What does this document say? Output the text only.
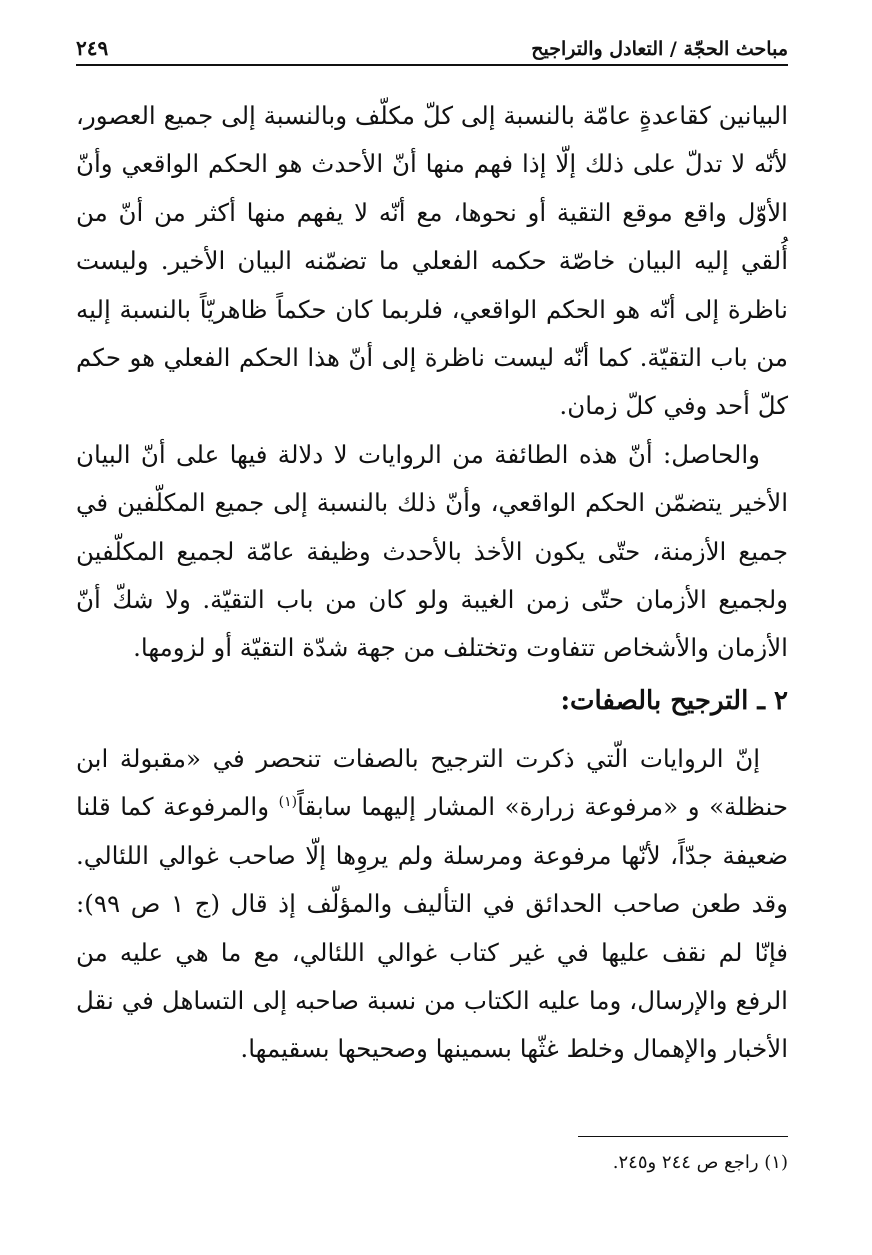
مباحث الحجّة / التعادل والتراجيح
٢٤٩

البيانين كقاعدةٍ عامّة بالنسبة إلى كلّ مكلّف وبالنسبة إلى جميع العصور، لأنّه لا تدلّ على ذلك إلّا إذا فهم منها أنّ الأحدث هو الحكم الواقعي وأنّ الأوّل واقع موقع التقية أو نحوها، مع أنّه لا يفهم منها أكثر من أنّ من أُلقي إليه البيان خاصّة حكمه الفعلي ما تضمّنه البيان الأخير. وليست ناظرة إلى أنّه هو الحكم الواقعي، فلربما كان حكماً ظاهريّاً بالنسبة إليه من باب التقيّة. كما أنّه ليست ناظرة إلى أنّ هذا الحكم الفعلي هو حكم كلّ أحد وفي كلّ زمان.

والحاصل: أنّ هذه الطائفة من الروايات لا دلالة فيها على أنّ البيان الأخير يتضمّن الحكم الواقعي، وأنّ ذلك بالنسبة إلى جميع المكلّفين في جميع الأزمنة، حتّى يكون الأخذ بالأحدث وظيفة عامّة لجميع المكلّفين ولجميع الأزمان حتّى زمن الغيبة ولو كان من باب التقيّة. ولا شكّ أنّ الأزمان والأشخاص تتفاوت وتختلف من جهة شدّة التقيّة أو لزومها.

٢ ـ الترجيح بالصفات:

إنّ الروايات الّتي ذكرت الترجيح بالصفات تنحصر في «مقبولة ابن حنظلة» و «مرفوعة زرارة» المشار إليهما سابقاً$^{(١)}$ والمرفوعة كما قلنا ضعيفة جدّاً، لأنّها مرفوعة ومرسلة ولم يروِها إلّا صاحب غوالي اللئالي. وقد طعن صاحب الحدائق في التأليف والمؤلّف إذ قال (ج ١ ص ٩٩): فإنّا لم نقف عليها في غير كتاب غوالي اللئالي، مع ما هي عليه من الرفع والإرسال، وما عليه الكتاب من نسبة صاحبه إلى التساهل في نقل الأخبار والإهمال وخلط غثّها بسمينها وصحيحها بسقيمها.

(١) راجع ص ٢٤٤ و٢٤٥.
